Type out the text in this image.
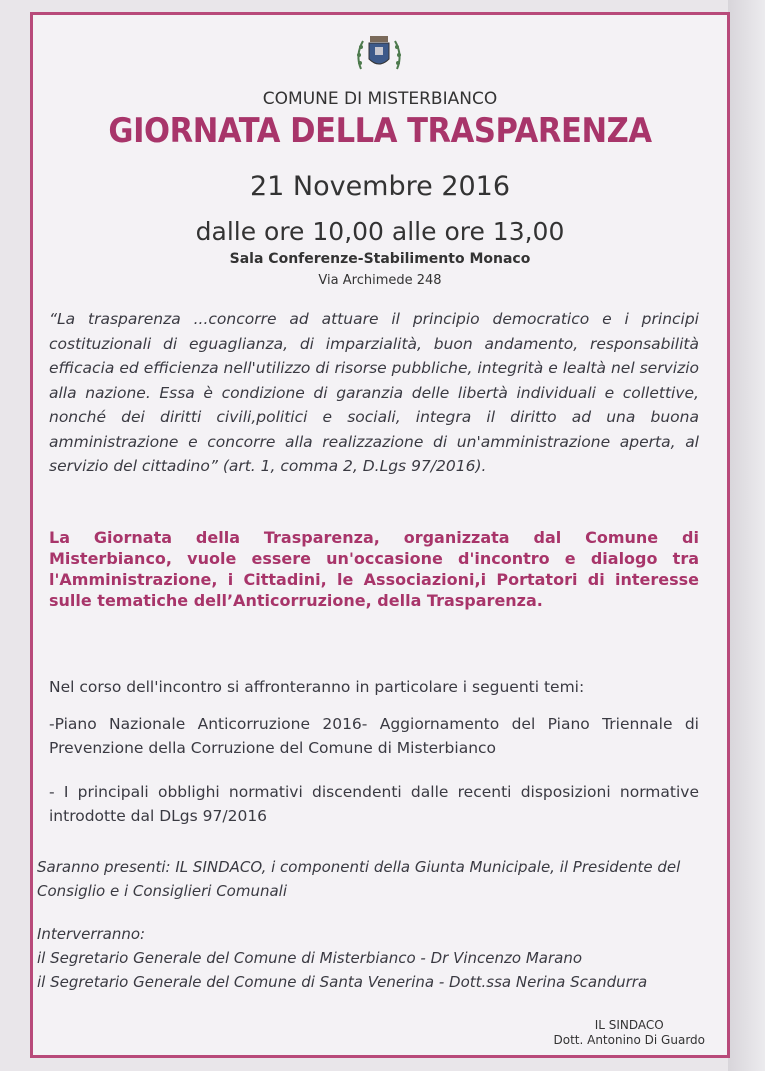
COMUNE DI MISTERBIANCO
GIORNATA DELLA TRASPARENZA
21 Novembre 2016
dalle ore 10,00 alle ore 13,00
Sala Conferenze-Stabilimento Monaco
Via Archimede 248
“La trasparenza ...concorre ad attuare il principio democratico e i principi costituzionali di eguaglianza, di imparzialità, buon andamento, responsabilità efficacia ed efficienza nell'utilizzo di risorse pubbliche, integrità e lealtà nel servizio alla nazione. Essa è condizione di garanzia delle libertà individuali e collettive, nonché dei diritti civili,politici e sociali, integra il diritto ad una buona amministrazione e concorre alla realizzazione di un'amministrazione aperta, al servizio del cittadino” (art. 1, comma 2, D.Lgs 97/2016).
La Giornata della Trasparenza, organizzata dal Comune di Misterbianco, vuole essere un'occasione d'incontro e dialogo tra l'Amministrazione, i Cittadini, le Associazioni,i Portatori di interesse sulle tematiche dell’Anticorruzione, della Trasparenza.
Nel corso dell'incontro si affronteranno in particolare i seguenti temi:
-Piano Nazionale Anticorruzione 2016- Aggiornamento del Piano Triennale di Prevenzione della Corruzione del Comune di Misterbianco
- I principali obblighi normativi discendenti dalle recenti disposizioni normative introdotte dal DLgs 97/2016
Saranno presenti: IL SINDACO, i componenti della Giunta Municipale, il Presidente del Consiglio e i Consiglieri Comunali
Interverranno:
il Segretario Generale del Comune di Misterbianco - Dr Vincenzo Marano
il Segretario Generale del Comune di Santa Venerina - Dott.ssa Nerina Scandurra
IL SINDACO
Dott. Antonino Di Guardo
